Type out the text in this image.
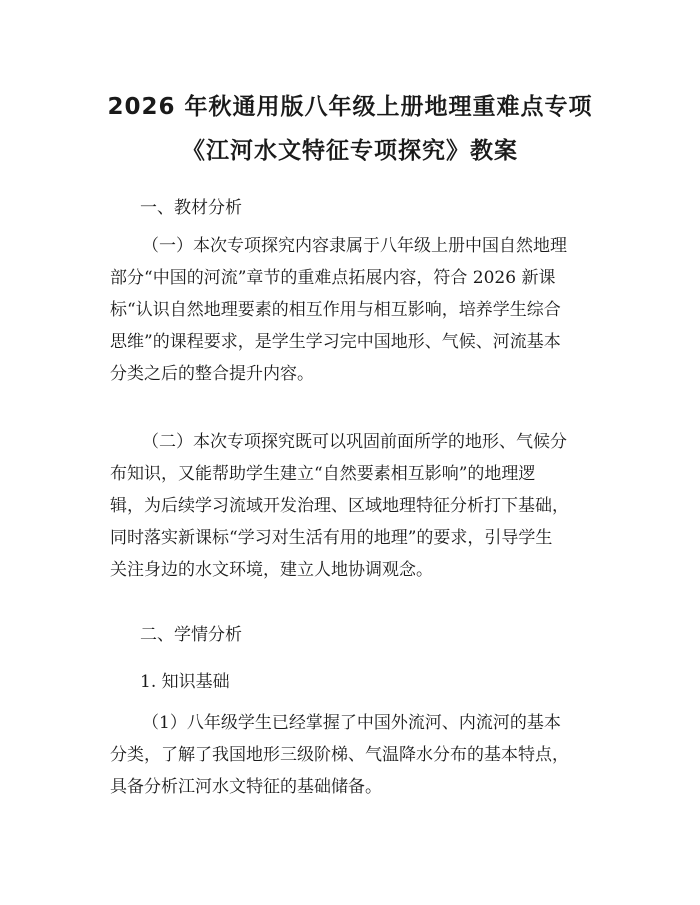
2026 年秋通用版八年级上册地理重难点专项
《江河水文特征专项探究》教案
一、教材分析
（一）本次专项探究内容隶属于八年级上册中国自然地理
部分“中国的河流”章节的重难点拓展内容，符合 2026 新课
标“认识自然地理要素的相互作用与相互影响，培养学生综合
思维”的课程要求，是学生学习完中国地形、气候、河流基本
分类之后的整合提升内容。
（二）本次专项探究既可以巩固前面所学的地形、气候分
布知识，又能帮助学生建立“自然要素相互影响”的地理逻
辑，为后续学习流域开发治理、区域地理特征分析打下基础，
同时落实新课标“学习对生活有用的地理”的要求，引导学生
关注身边的水文环境，建立人地协调观念。
二、学情分析
1. 知识基础
（1）八年级学生已经掌握了中国外流河、内流河的基本
分类，了解了我国地形三级阶梯、气温降水分布的基本特点，
具备分析江河水文特征的基础储备。
